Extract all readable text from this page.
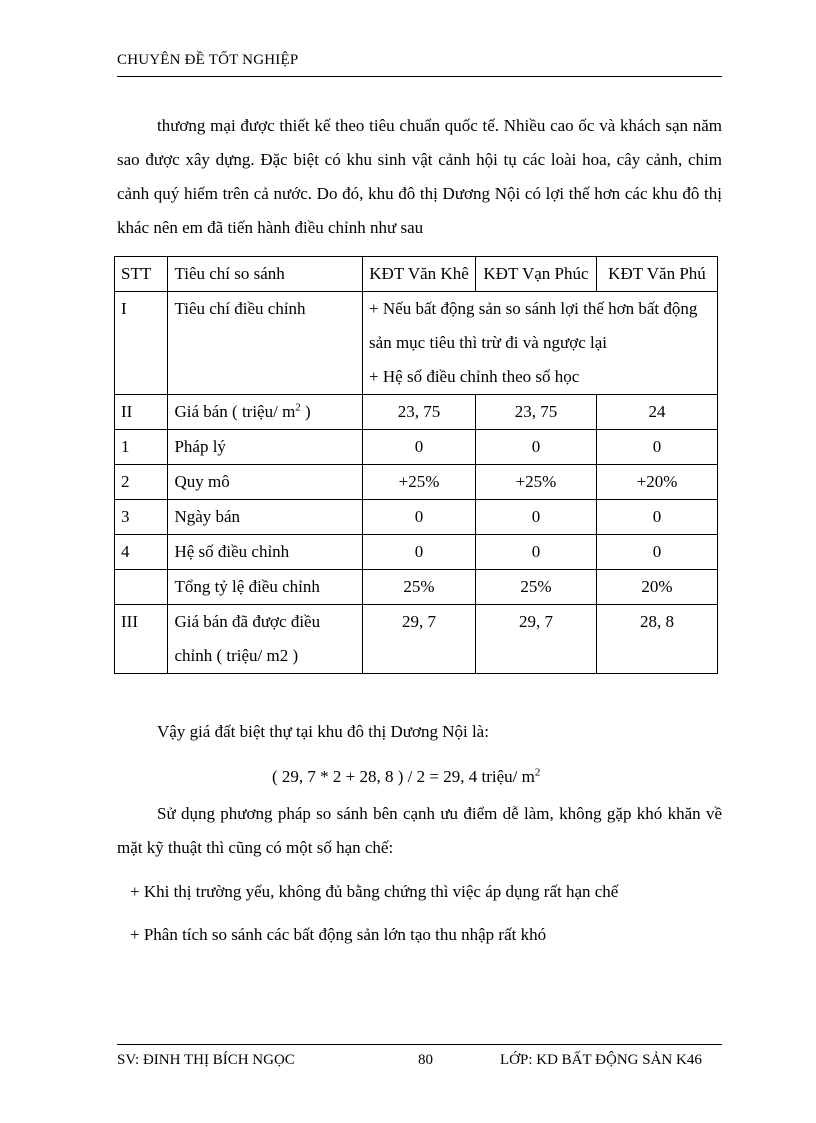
CHUYÊN ĐỀ TỐT NGHIỆP
thương mại được thiết kế theo tiêu chuẩn quốc tế. Nhiều cao ốc và khách sạn năm sao được xây dựng. Đặc biệt có khu sinh vật cảnh hội tụ các loài hoa, cây cảnh, chim cảnh quý hiếm trên cả nước. Do đó, khu đô thị Dương Nội có lợi thế hơn các khu đô thị khác nên em đã tiến hành điều chỉnh như sau
STT	Tiêu chí so sánh	KĐT Văn Khê	KĐT Vạn Phúc	KĐT Văn Phú
I	Tiêu chí điều chỉnh	+ Nếu bất động sản so sánh lợi thế hơn bất động sản mục tiêu thì trừ đi và ngược lại
+ Hệ số điều chỉnh theo số học		

II	Giá bán ( triệu/ $m^2$ )	23, 75	23, 75	24
1	Pháp lý	0	0	0
2	Quy mô	+25%	+25%	+20%
3	Ngày bán	0	0	0
4	Hệ số điều chỉnh	0	0	0
	Tổng tỷ lệ điều chỉnh	25%	25%	20%
III	Giá bán đã được điều chỉnh ( triệu/ m2 )	29, 7	29, 7	28, 8
Vậy giá đất biệt thự tại khu đô thị Dương Nội là:
( 29, 7 * 2 + 28, 8 ) / 2 = 29, 4 triệu/ $m^2$
Sử dụng phương pháp so sánh bên cạnh ưu điểm dễ làm, không gặp khó khăn về mặt kỹ thuật thì cũng có một số hạn chế:
+ Khi thị trường yếu, không đủ bằng chứng thì việc áp dụng rất hạn chế
+ Phân tích so sánh các bất động sản lớn tạo thu nhập rất khó
SV: ĐINH THỊ BÍCH NGỌC	80	LỚP: KD BẤT ĐỘNG SẢN K46
